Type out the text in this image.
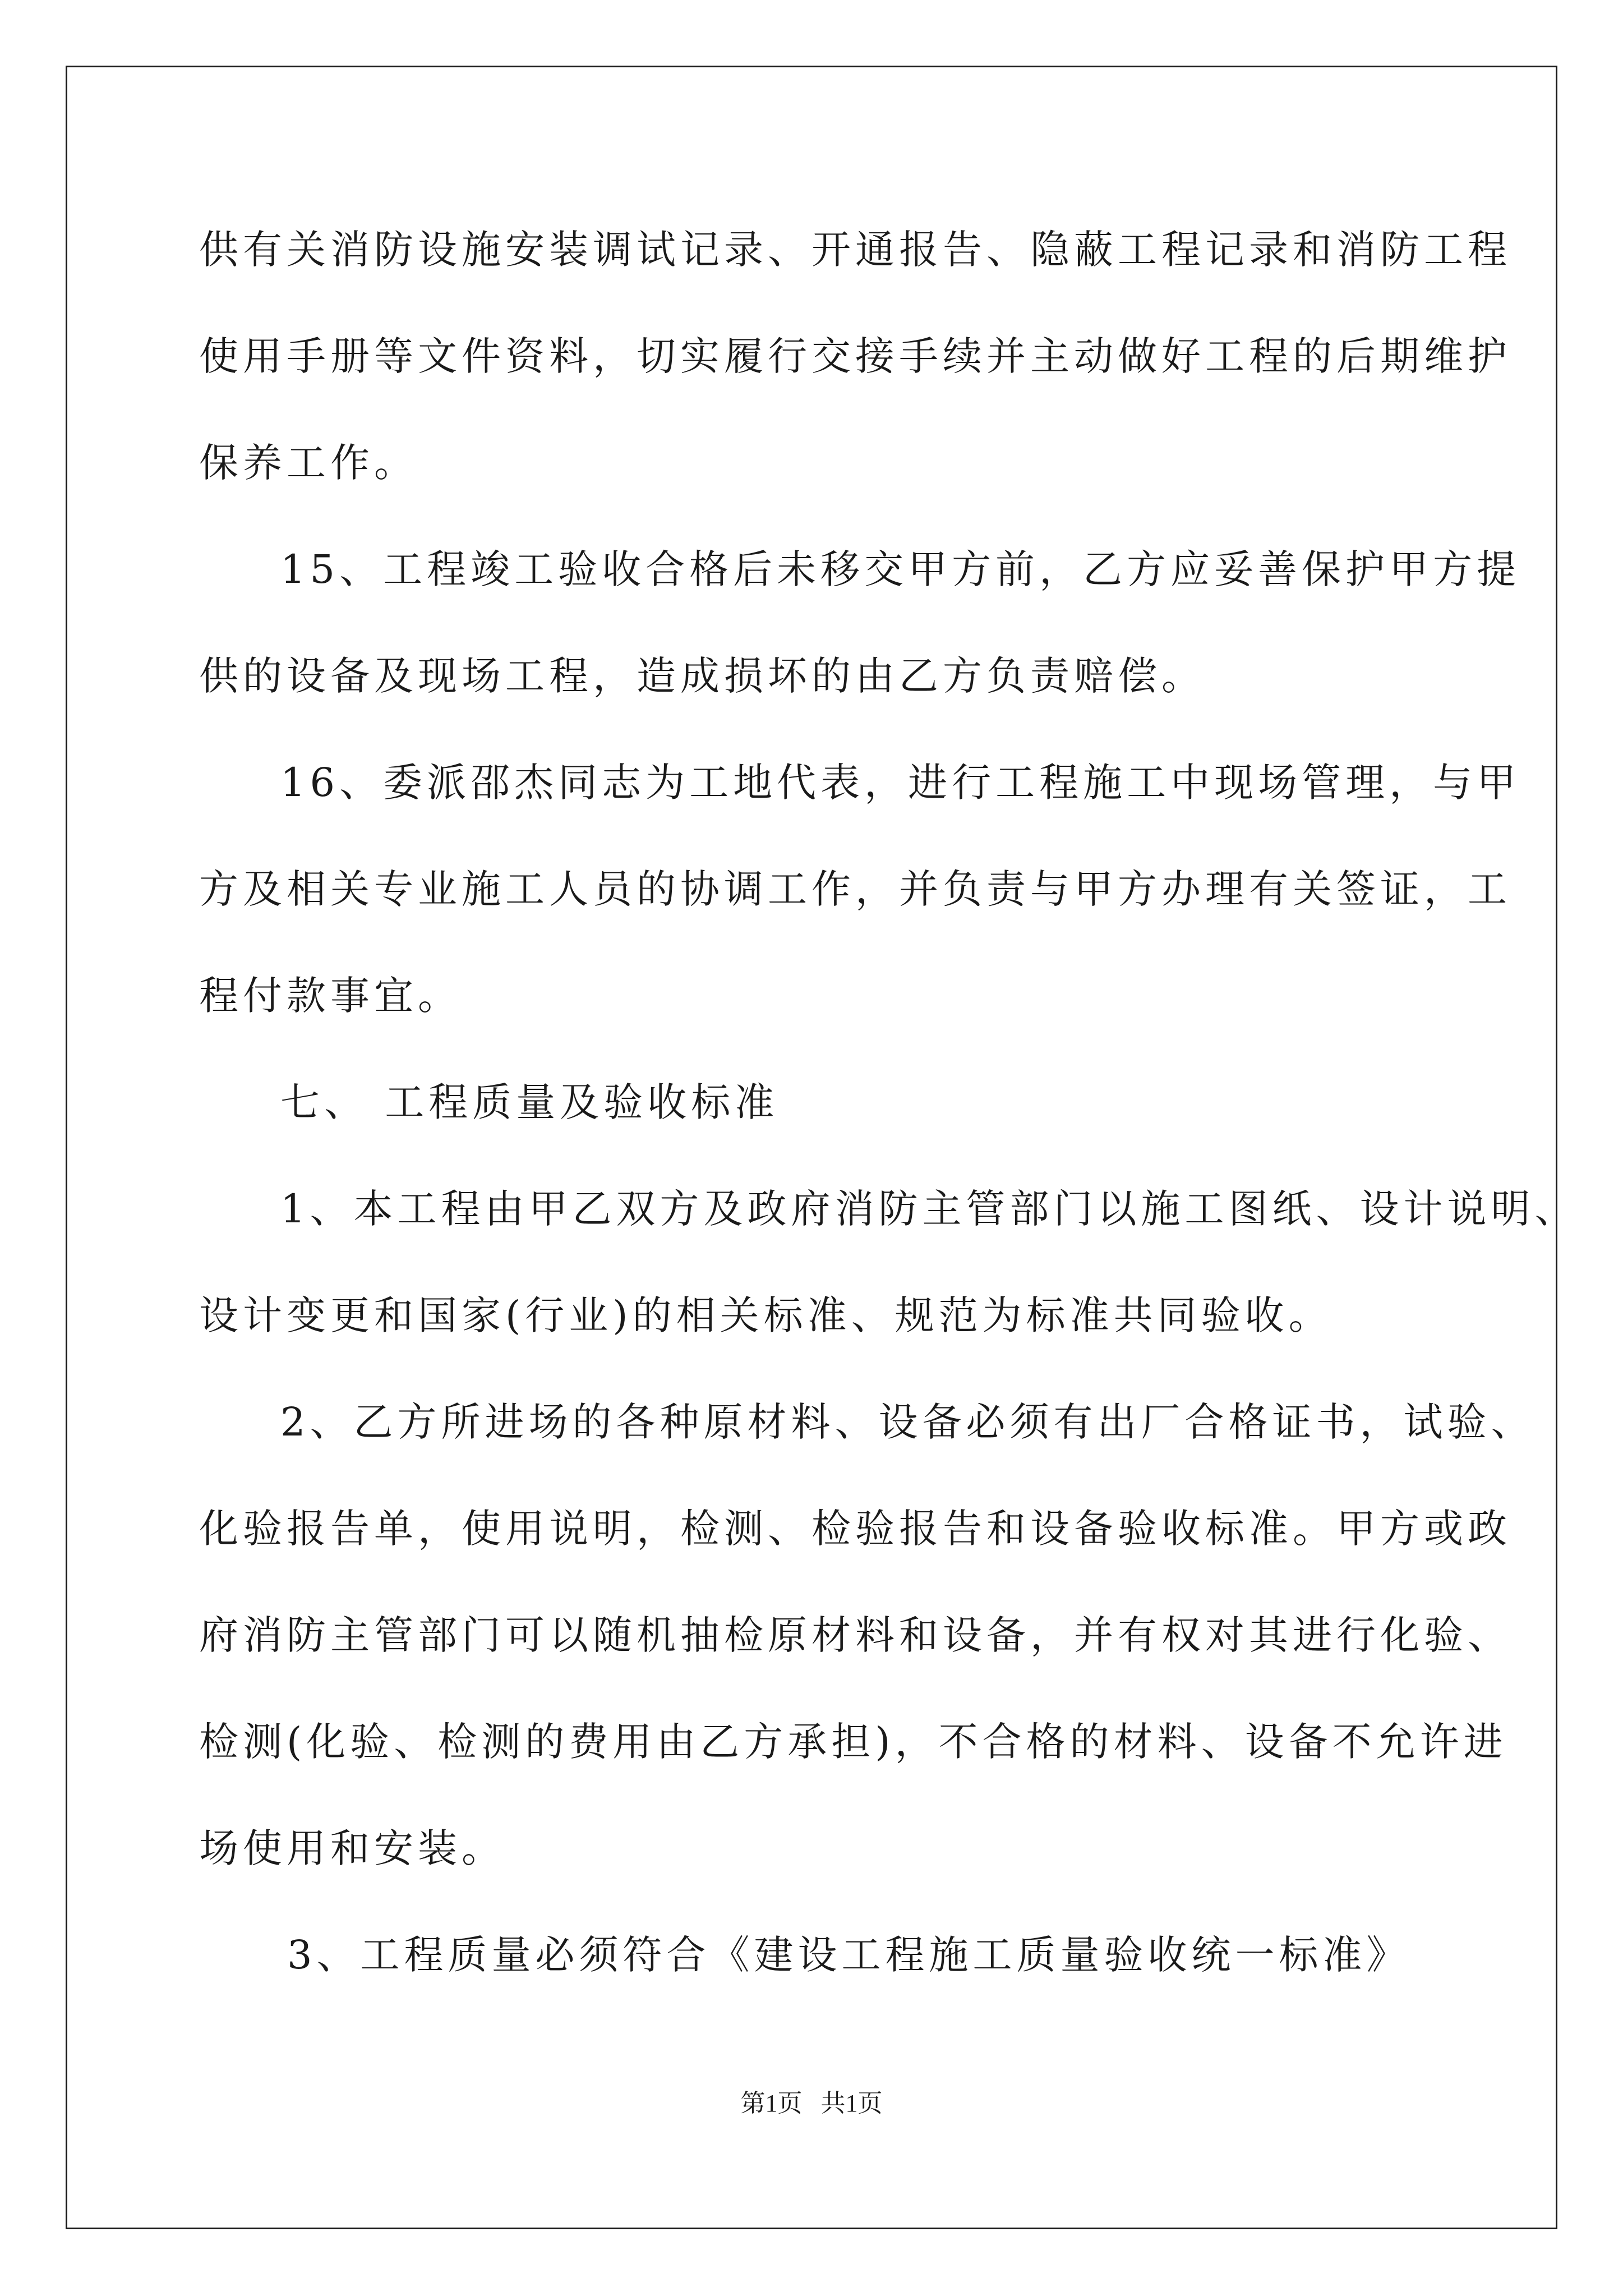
供有关消防设施安装调试记录、开通报告、隐蔽工程记录和消防工程
使用手册等文件资料，切实履行交接手续并主动做好工程的后期维护
保养工作。
15、工程竣工验收合格后未移交甲方前，乙方应妥善保护甲方提
供的设备及现场工程，造成损坏的由乙方负责赔偿。
16、委派邵杰同志为工地代表，进行工程施工中现场管理，与甲
方及相关专业施工人员的协调工作，并负责与甲方办理有关签证，工
程付款事宜。
七、 工程质量及验收标准
1、本工程由甲乙双方及政府消防主管部门以施工图纸、设计说明、
设计变更和国家(行业)的相关标准、规范为标准共同验收。
2、乙方所进场的各种原材料、设备必须有出厂合格证书，试验、
化验报告单，使用说明，检测、检验报告和设备验收标准。甲方或政
府消防主管部门可以随机抽检原材料和设备，并有权对其进行化验、
检测(化验、检测的费用由乙方承担)，不合格的材料、设备不允许进
场使用和安装。
3、工程质量必须符合《建设工程施工质量验收统一标准》
第1页   共1页
